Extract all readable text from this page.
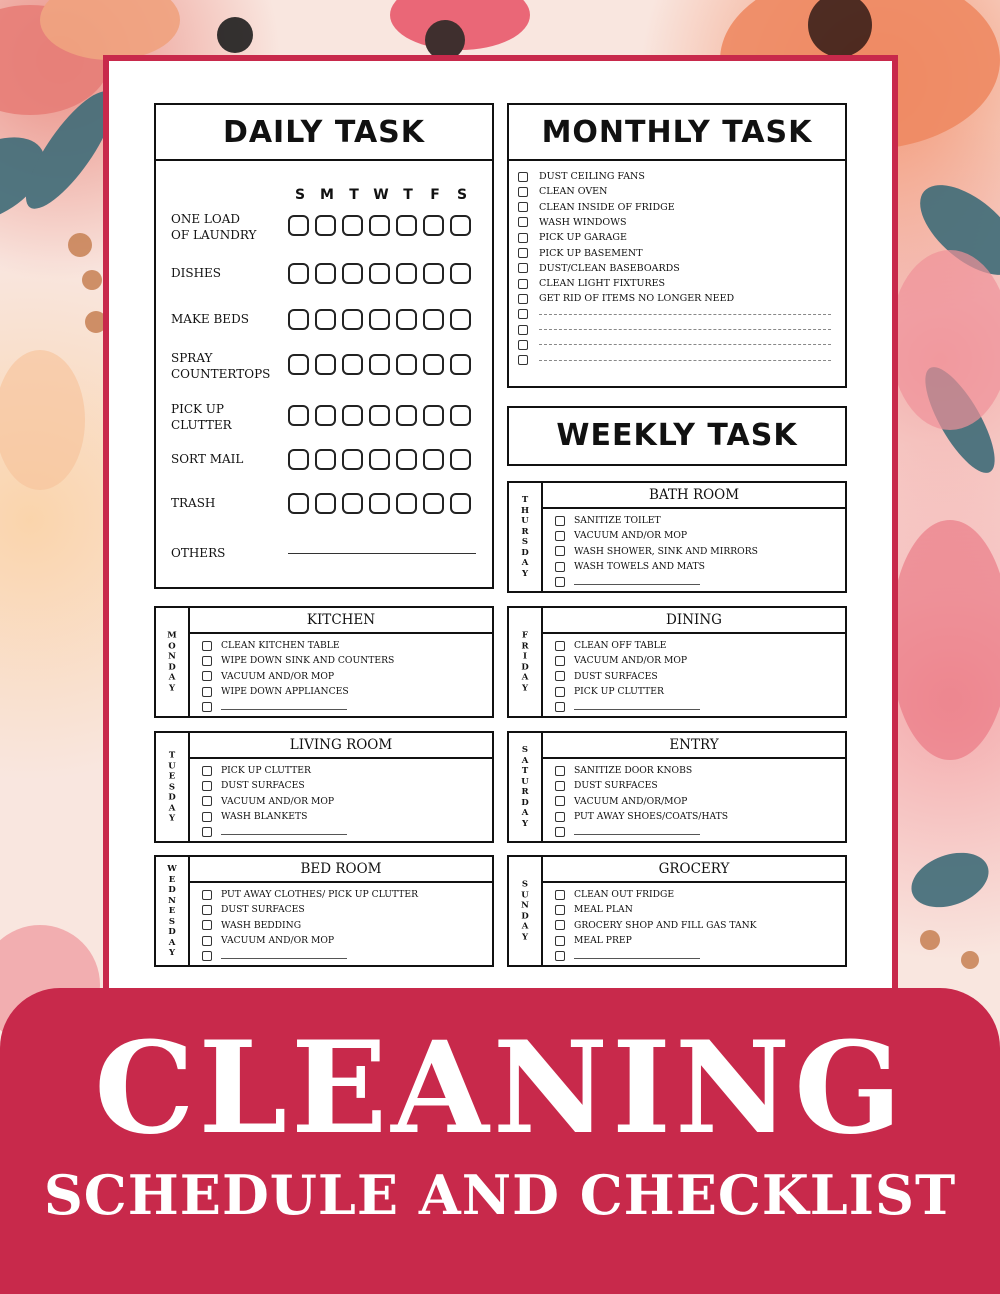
DAILY TASK
S	M	T	W	T	F	S
ONE LOAD
OF LAUNDRY
DISHES
MAKE BEDS
SPRAY
COUNTERTOPS
PICK UP
CLUTTER
SORT MAIL
TRASH
OTHERS
MONTHLY TASK
DUST CEILING FANS
CLEAN OVEN
CLEAN INSIDE OF FRIDGE
WASH WINDOWS
PICK UP GARAGE
PICK UP BASEMENT
DUST/CLEAN BASEBOARDS
CLEAN LIGHT FIXTURES
GET RID OF ITEMS NO LONGER NEED
WEEKLY TASK
M
O
N
D
A
Y
KITCHEN
CLEAN KITCHEN TABLE
WIPE DOWN SINK AND COUNTERS
VACUUM AND/OR MOP
WIPE DOWN APPLIANCES
T
U
E
S
D
A
Y
LIVING ROOM
PICK UP CLUTTER
DUST SURFACES
VACUUM AND/OR MOP
WASH BLANKETS
W
E
D
N
E
S
D
A
Y
BED ROOM
PUT AWAY CLOTHES/ PICK UP CLUTTER
DUST SURFACES
WASH BEDDING
VACUUM AND/OR MOP
T
H
U
R
S
D
A
Y
BATH ROOM
SANITIZE TOILET
VACUUM AND/OR MOP
WASH SHOWER, SINK AND MIRRORS
WASH TOWELS AND MATS
F
R
I
D
A
Y
DINING
CLEAN OFF TABLE
VACUUM AND/OR MOP
DUST SURFACES
PICK UP CLUTTER
S
A
T
U
R
D
A
Y
ENTRY
SANITIZE DOOR KNOBS
DUST SURFACES
VACUUM AND/OR/MOP
PUT AWAY SHOES/COATS/HATS
S
U
N
D
A
Y
GROCERY
CLEAN OUT FRIDGE
MEAL PLAN
GROCERY SHOP AND FILL GAS TANK
MEAL PREP
CLEANING
SCHEDULE AND CHECKLIST
